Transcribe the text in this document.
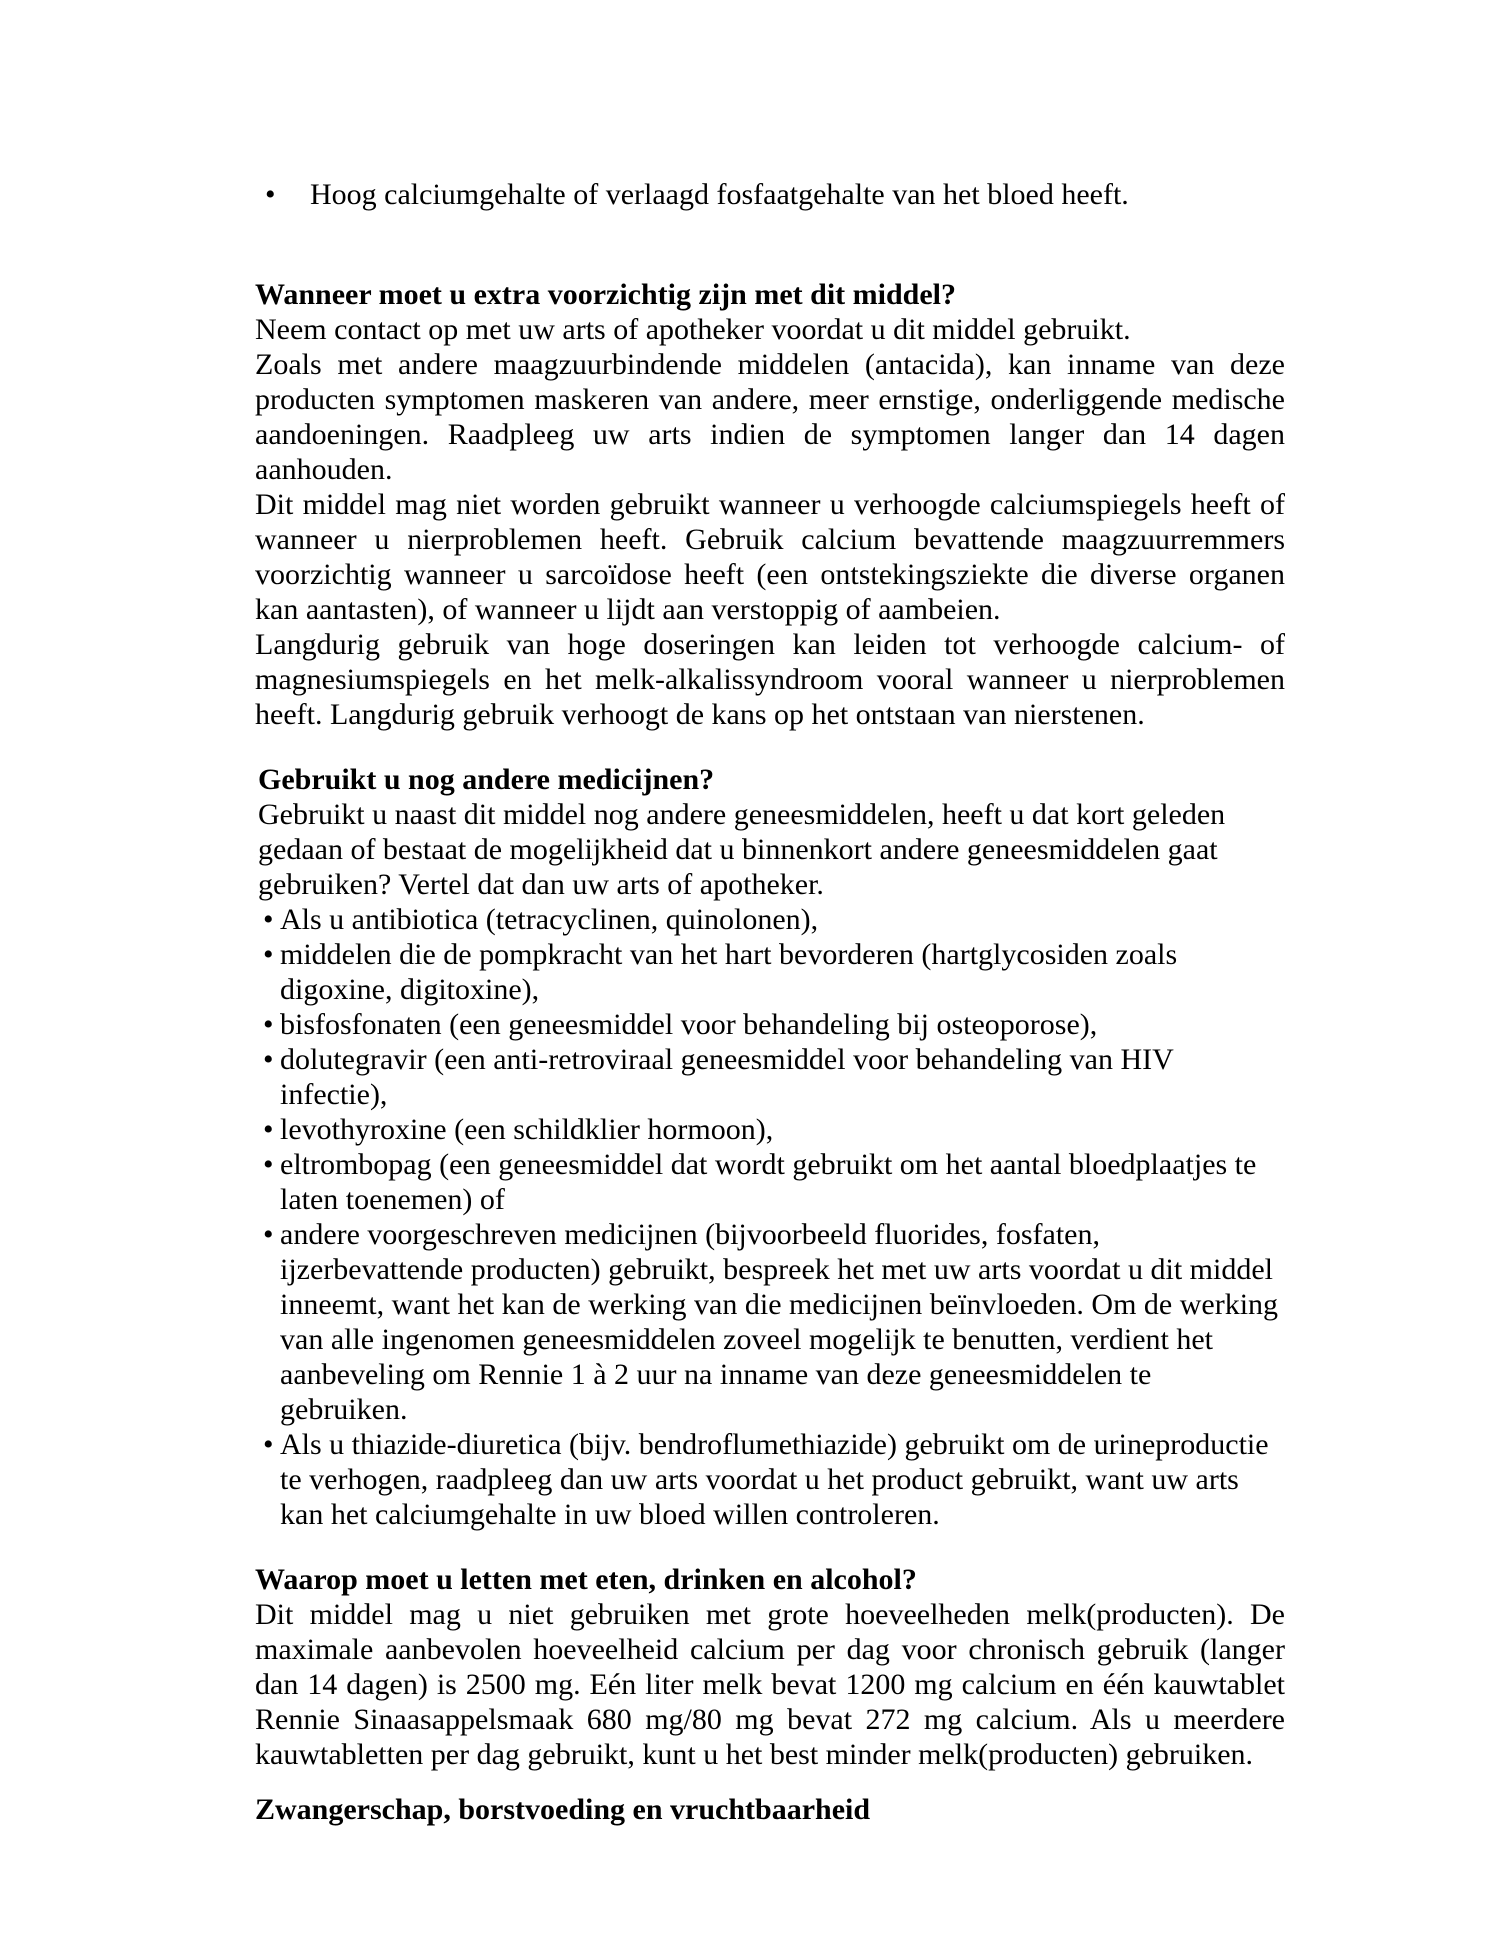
• Hoog calciumgehalte of verlaagd fosfaatgehalte van het bloed heeft.
Wanneer moet u extra voorzichtig zijn met dit middel?

Neem contact op met uw arts of apotheker voordat u dit middel gebruikt.

Zoals met andere maagzuurbindende middelen (antacida), kan inname van deze producten symptomen maskeren van andere, meer ernstige, onderliggende medische aandoeningen. Raadpleeg uw arts indien de symptomen langer dan 14 dagen aanhouden.

Dit middel mag niet worden gebruikt wanneer u verhoogde calciumspiegels heeft of wanneer u nierproblemen heeft. Gebruik calcium bevattende maagzuurremmers voorzichtig wanneer u sarcoïdose heeft (een ontstekingsziekte die diverse organen kan aantasten), of wanneer u lijdt aan verstoppig of aambeien.

Langdurig gebruik van hoge doseringen kan leiden tot verhoogde calcium- of magnesiumspiegels en het melk-alkalissyndroom vooral wanneer u nierproblemen heeft. Langdurig gebruik verhoogt de kans op het ontstaan van nierstenen.

Gebruikt u nog andere medicijnen?

Gebruikt u naast dit middel nog andere geneesmiddelen, heeft u dat kort geleden gedaan of bestaat de mogelijkheid dat u binnenkort andere geneesmiddelen gaat gebruiken? Vertel dat dan uw arts of apotheker.

• Als u antibiotica (tetracyclinen, quinolonen),
• middelen die de pompkracht van het hart bevorderen (hartglycosiden zoals digoxine, digitoxine),
• bisfosfonaten (een geneesmiddel voor behandeling bij osteoporose),
• dolutegravir (een anti-retroviraal geneesmiddel voor behandeling van HIV infectie),
• levothyroxine (een schildklier hormoon),
• eltrombopag (een geneesmiddel dat wordt gebruikt om het aantal bloedplaatjes te laten toenemen) of
• andere voorgeschreven medicijnen (bijvoorbeeld fluorides, fosfaten, ijzerbevattende producten) gebruikt, bespreek het met uw arts voordat u dit middel inneemt, want het kan de werking van die medicijnen beïnvloeden. Om de werking van alle ingenomen geneesmiddelen zoveel mogelijk te benutten, verdient het aanbeveling om Rennie 1 à 2 uur na inname van deze geneesmiddelen te gebruiken.
• Als u thiazide-diuretica (bijv. bendroflumethiazide) gebruikt om de urineproductie te verhogen, raadpleeg dan uw arts voordat u het product gebruikt, want uw arts kan het calciumgehalte in uw bloed willen controleren.
Waarop moet u letten met eten, drinken en alcohol?

Dit middel mag u niet gebruiken met grote hoeveelheden melk(producten). De maximale aanbevolen hoeveelheid calcium per dag voor chronisch gebruik (langer dan 14 dagen) is 2500 mg. Eén liter melk bevat 1200 mg calcium en één kauwtablet Rennie Sinaasappelsmaak 680 mg/80 mg bevat 272 mg calcium. Als u meerdere kauwtabletten per dag gebruikt, kunt u het best minder melk(producten) gebruiken.

Zwangerschap, borstvoeding en vruchtbaarheid
